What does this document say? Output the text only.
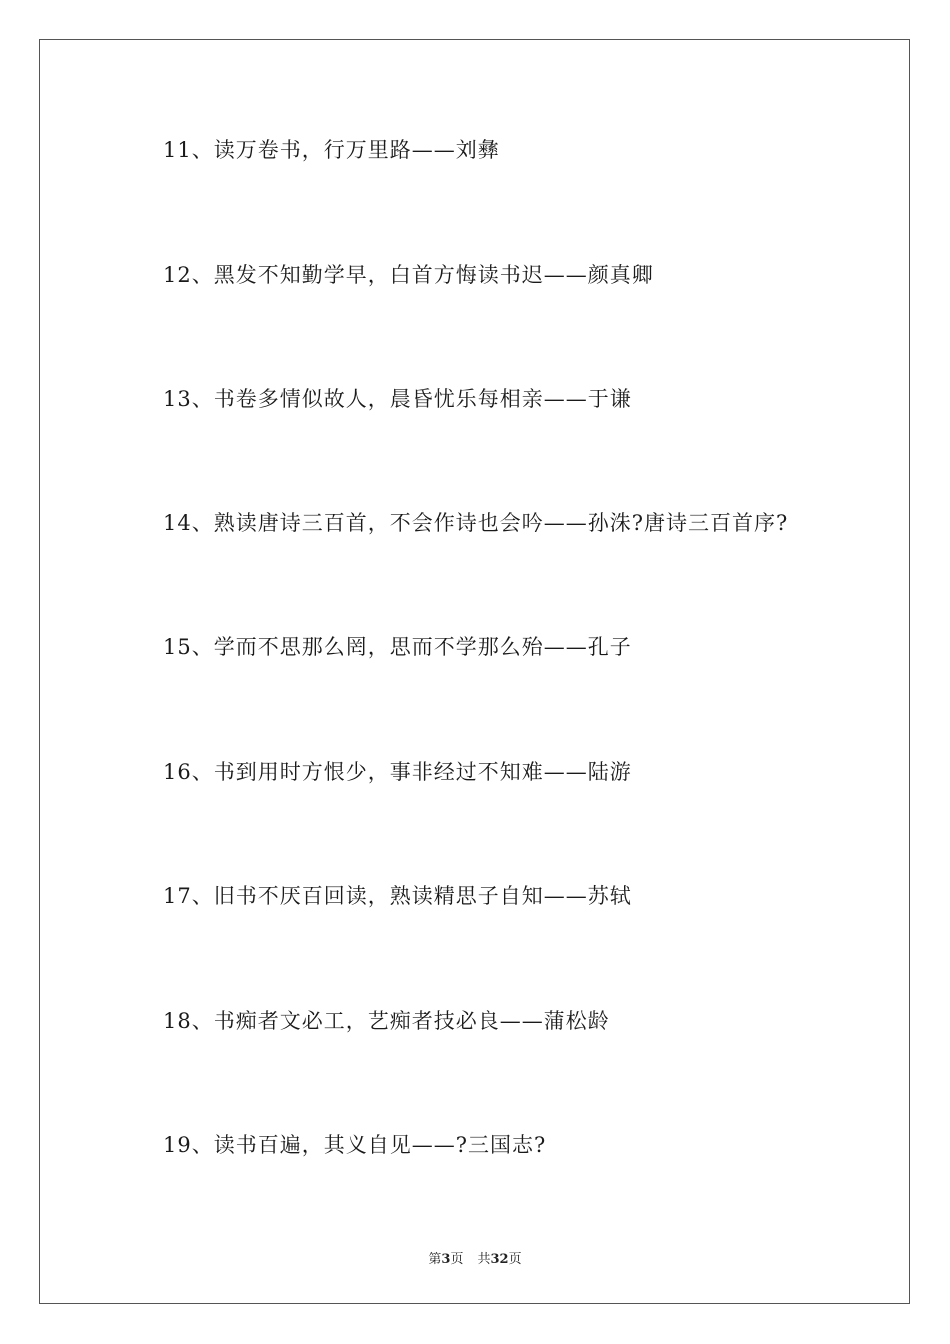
11、读万卷书，行万里路——刘彝

12、黑发不知勤学早，白首方悔读书迟——颜真卿

13、书卷多情似故人，晨昏忧乐每相亲——于谦

14、熟读唐诗三百首，不会作诗也会吟——孙洙?唐诗三百首序?

15、学而不思那么罔，思而不学那么殆——孔子

16、书到用时方恨少，事非经过不知难——陆游

17、旧书不厌百回读，熟读精思子自知——苏轼

18、书痴者文必工，艺痴者技必良——蒲松龄

19、读书百遍，其义自见——?三国志?

第3页 共32页
